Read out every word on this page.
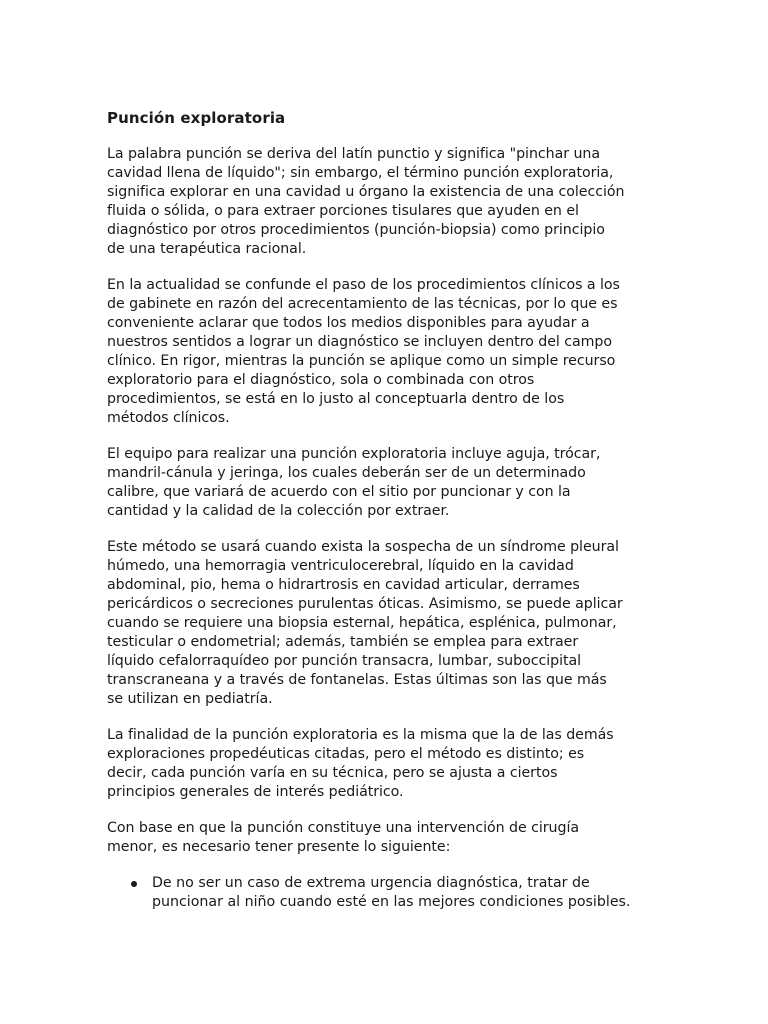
Punción exploratoria
La palabra punción se deriva del latín punctio y significa "pinchar una
cavidad llena de líquido"; sin embargo, el término punción exploratoria,
significa explorar en una cavidad u órgano la existencia de una colección
fluida o sólida, o para extraer porciones tisulares que ayuden en el
diagnóstico por otros procedimientos (punción-biopsia) como principio
de una terapéutica racional.
En la actualidad se confunde el paso de los procedimientos clínicos a los
de gabinete en razón del acrecentamiento de las técnicas, por lo que es
conveniente aclarar que todos los medios disponibles para ayudar a
nuestros sentidos a lograr un diagnóstico se incluyen dentro del campo
clínico. En rigor, mientras la punción se aplique como un simple recurso
exploratorio para el diagnóstico, sola o combinada con otros
procedimientos, se está en lo justo al conceptuarla dentro de los
métodos clínicos.
El equipo para realizar una punción exploratoria incluye aguja, trócar,
mandril-cánula y jeringa, los cuales deberán ser de un determinado
calibre, que variará de acuerdo con el sitio por puncionar y con la
cantidad y la calidad de la colección por extraer.
Este método se usará cuando exista la sospecha de un síndrome pleural
húmedo, una hemorragia ventriculocerebral, líquido en la cavidad
abdominal, pio, hema o hidrartrosis en cavidad articular, derrames
pericárdicos o secreciones purulentas óticas. Asimismo, se puede aplicar
cuando se requiere una biopsia esternal, hepática, esplénica, pulmonar,
testicular o endometrial; además, también se emplea para extraer
líquido cefalorraquídeo por punción transacra, lumbar, suboccipital
transcraneana y a través de fontanelas. Estas últimas son las que más
se utilizan en pediatría.
La finalidad de la punción exploratoria es la misma que la de las demás
exploraciones propedéuticas citadas, pero el método es distinto; es
decir, cada punción varía en su técnica, pero se ajusta a ciertos
principios generales de interés pediátrico.
Con base en que la punción constituye una intervención de cirugía
menor, es necesario tener presente lo siguiente:
De no ser un caso de extrema urgencia diagnóstica, tratar de
puncionar al niño cuando esté en las mejores condiciones posibles.
